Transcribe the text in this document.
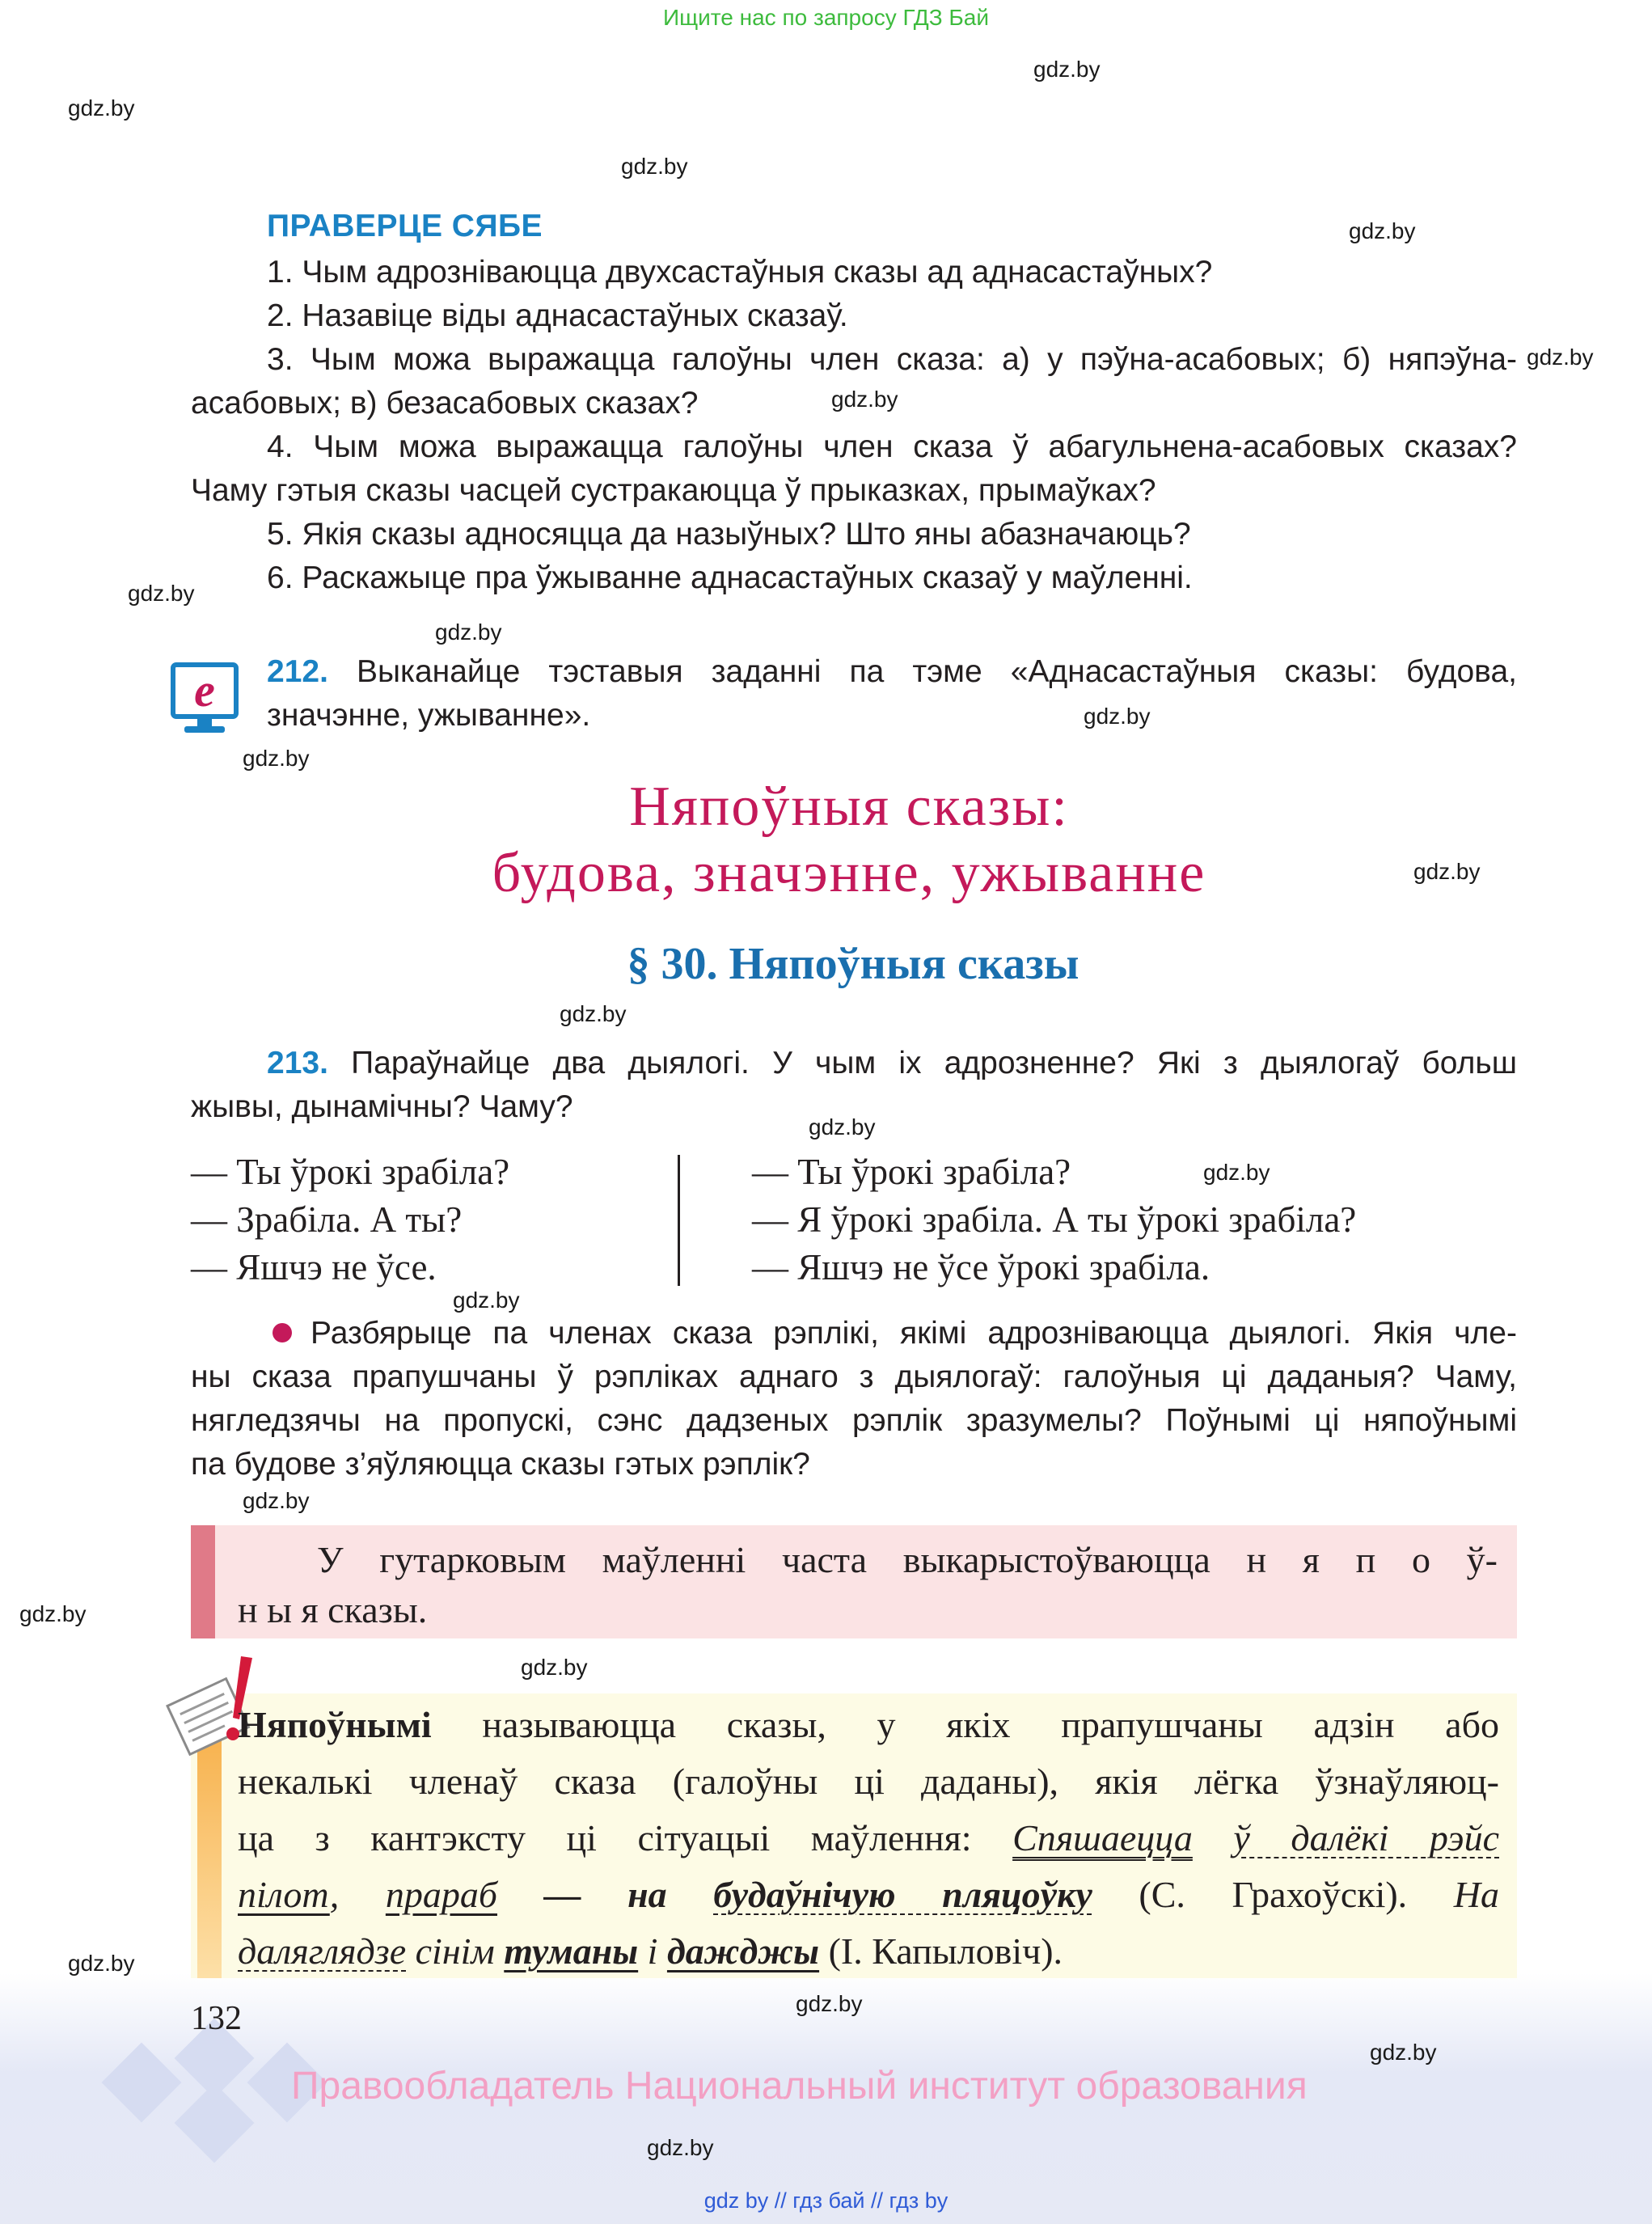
Ищите нас по запросу ГДЗ Бай
gdz.by
gdz.by
gdz.by
gdz.by
gdz.by
gdz.by
gdz.by
gdz.by
gdz.by
gdz.by
gdz.by
gdz.by
gdz.by
gdz.by
gdz.by
gdz.by
gdz.by
gdz.by
gdz.by
gdz.by
gdz.by
gdz.by
ПРАВЕРЦЕ СЯБЕ
1. Чым адрозніваюцца двухсастаўныя сказы ад аднасастаўных?
2. Назавіце віды аднасастаўных сказаў.
3. Чым можа выражацца галоўны член сказа: а) у пэўна-асабовых; б) няпэўна-
асабовых; в) безасабовых сказах?
4. Чым можа выражацца галоўны член сказа ў абагульнена-асабовых сказах?
Чаму гэтыя сказы часцей сустракаюцца ў прыказках, прымаўках?
5. Якія сказы адносяцца да назыўных? Што яны абазначаюць?
6. Раскажыце пра ўжыванне аднасастаўных сказаў у маўленні.
e 212. Выканайце тэставыя заданні па тэме «Аднасастаўныя сказы: будова,
значэнне, ужыванне».
Няпоўныя сказы:
будова, значэнне, ужыванне
§ 30. Няпоўныя сказы
213. Параўнайце два дыялогі. У чым іх адрозненне? Які з дыялогаў больш
жывы, дынамічны? Чаму?
— Ты ўрокі зрабіла?
— Зрабіла. А ты?
— Яшчэ не ўсе.
— Ты ўрокі зрабіла?
— Я ўрокі зрабіла. А ты ўрокі зрабіла?
— Яшчэ не ўсе ўрокі зрабіла.
Разбярыце па членах сказа рэплікі, якімі адрозніваюцца дыялогі. Якія чле-
ны сказа прапушчаны ў рэпліках аднаго з дыялогаў: галоўныя ці даданыя? Чаму,
нягледзячы на пропускі, сэнс дадзеных рэплік зразумелы? Поўнымі ці няпоўнымі
па будове з’яўляюцца сказы гэтых рэплік?
У гутарковым маўленні часта выкарыстоўваюцца н я п о ў-
н ы я сказы.
Няпоўнымі называюцца сказы, у якіх прапушчаны адзін або
некалькі членаў сказа (галоўны ці даданы), якія лёгка ўзнаўляюц-
ца з кантэксту ці сітуацыі маўлення: Спяшаецца ў далёкі рэйс
пілот, прараб — на будаўнічую пляцоўку (С. Грахоўскі). На
даляглядзе сінім туманы і дажджы (І. Капыловіч).
132
Правообладатель Национальный институт образования
gdz by // гдз бай // гдз by
